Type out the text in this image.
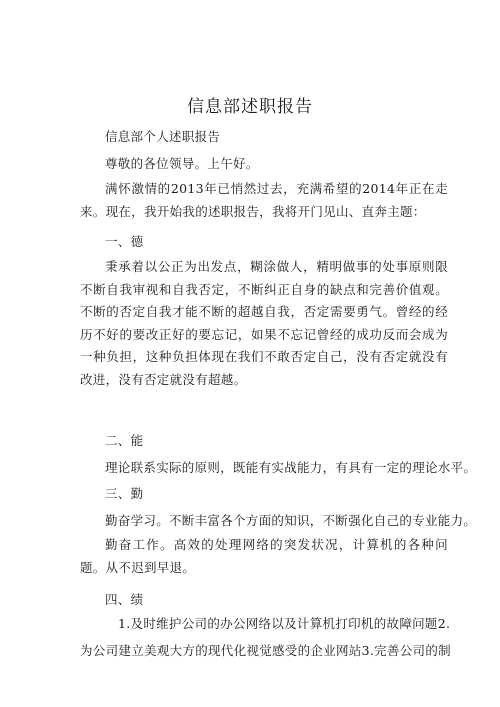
信息部述职报告
信息部个人述职报告
尊敬的各位领导。上午好。
满怀激情的2013年已悄然过去，充满希望的2014年正在走来。现在，我开始我的述职报告，我将开门见山、直奔主题：
一、德
秉承着以公正为出发点，糊涂做人，精明做事的处事原则限不断自我审视和自我否定，不断纠正自身的缺点和完善价值观。不断的否定自我才能不断的超越自我，否定需要勇气。曾经的经历不好的要改正好的要忘记，如果不忘记曾经的成功反而会成为一种负担，这种负担体现在我们不敢否定自己，没有否定就没有改进，没有否定就没有超越。
二、能
理论联系实际的原则，既能有实战能力，有具有一定的理论水平。
三、勤
勤奋学习。不断丰富各个方面的知识，不断强化自己的专业能力。
勤奋工作。高效的处理网络的突发状况，计算机的各种问题。从不迟到早退。
四、绩
1.及时维护公司的办公网络以及计算机打印机的故障问题2.
为公司建立美观大方的现代化视觉感受的企业网站3.完善公司的制
